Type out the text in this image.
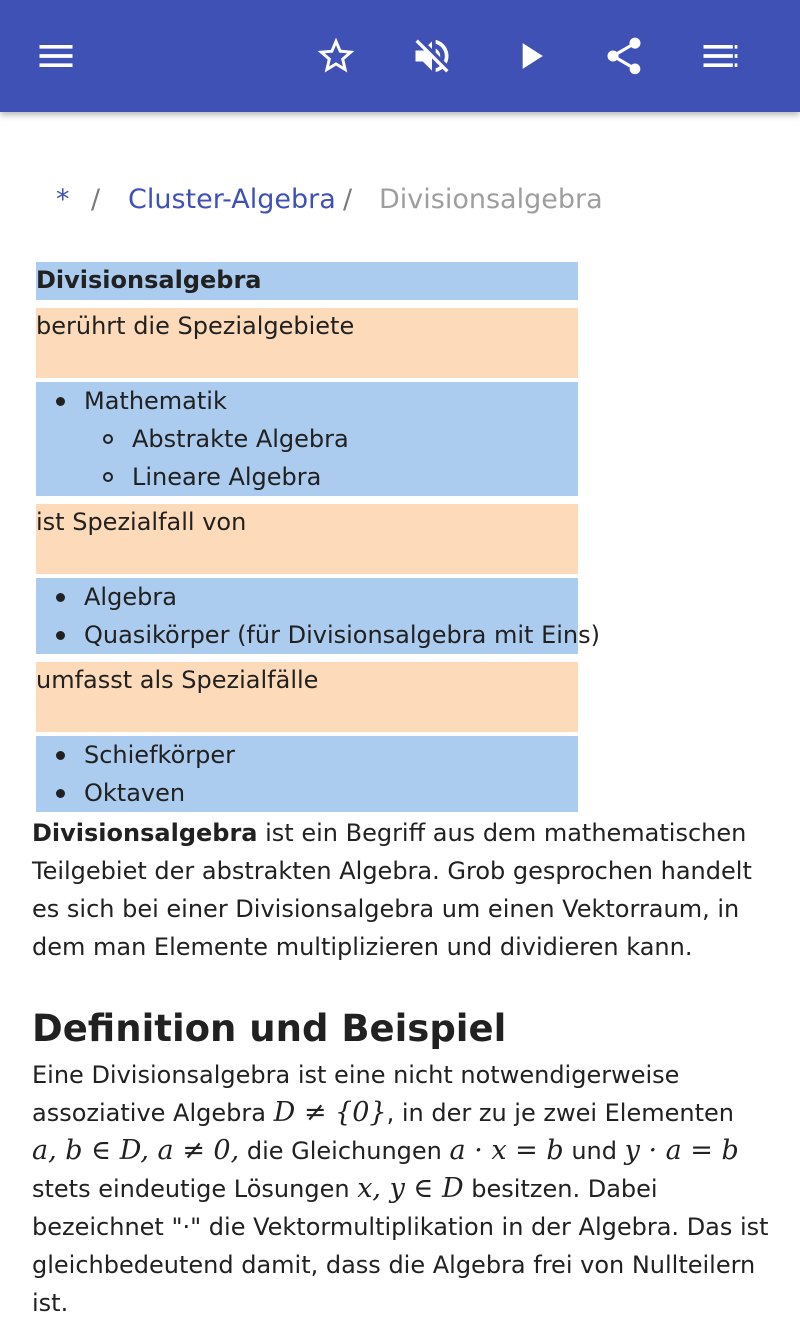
* / Cluster-Algebra / Divisionsalgebra
Divisionsalgebra
berührt die Spezialgebiete
Mathematik
Abstrakte Algebra
Lineare Algebra
ist Spezialfall von
Algebra
Quasikörper (für Divisionsalgebra mit Eins)
umfasst als Spezialfälle
Schiefkörper
Oktaven

Divisionsalgebra ist ein Begriff aus dem mathematischen Teilgebiet der abstrakten Algebra. Grob gesprochen handelt es sich bei einer Divisionsalgebra um einen Vektorraum, in dem man Elemente multiplizieren und dividieren kann.

Definition und Beispiel
Eine Divisionsalgebra ist eine nicht notwendigerweise
assoziative Algebra D ≠ {0}, in der zu je zwei Elementen
a, b ∈ D, a ≠ 0, die Gleichungen a · x = b und y · a = b
stets eindeutige Lösungen x, y ∈ D besitzen. Dabei
bezeichnet "·" die Vektormultiplikation in der Algebra. Das ist
gleichbedeutend damit, dass die Algebra frei von Nullteilern ist.
